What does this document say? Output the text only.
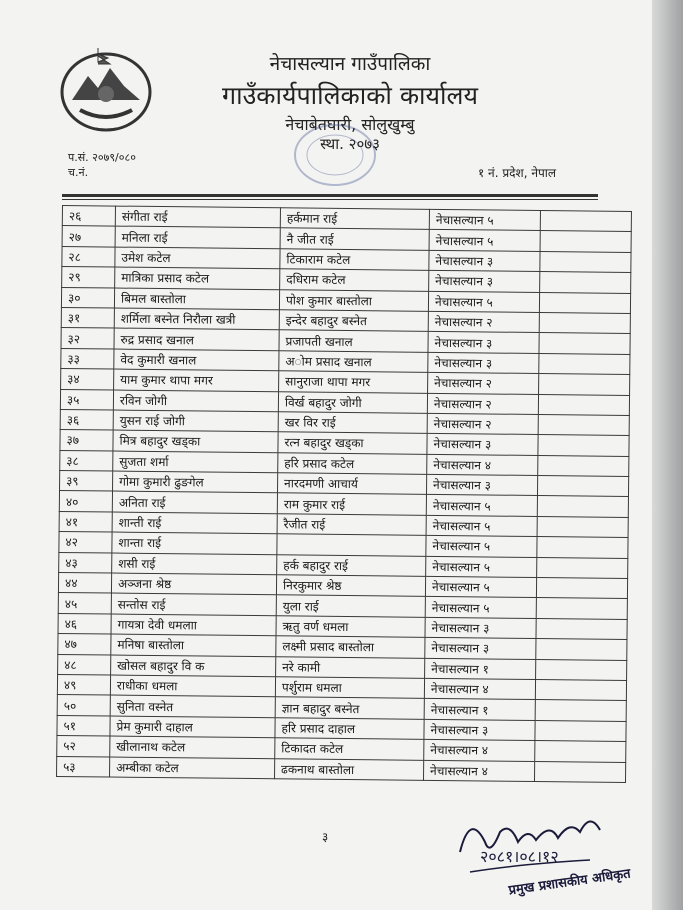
नेचासल्यान गाउँपालिका
गाउँकार्यपालिकाको कार्यालय
नेचाबेतघारी, सोलुखुम्बु
स्था. २०७३
प.सं. २०७९/०८०
च.नं.	१ नं. प्रदेश, नेपाल
२६	संगीता राई	हर्कमान राई	नेचासल्यान ५	
२७	मनिला राई	नै जीत राई	नेचासल्यान ५	
२८	उमेश कटेल	टिकाराम कटेल	नेचासल्यान ३	
२९	मात्रिका प्रसाद कटेल	दधिराम कटेल	नेचासल्यान ३	
३०	बिमल बास्तोला	पोश कुमार बास्तोला	नेचासल्यान ५	
३१	शर्मिला बस्नेत निरौला खत्री	इन्देर बहादुर बस्नेत	नेचासल्यान २	
३२	रुद्र प्रसाद खनाल	प्रजापती खनाल	नेचासल्यान ३	
३३	वेद कुमारी खनाल	अोम प्रसाद खनाल	नेचासल्यान ३	
३४	याम कुमार थापा मगर	सानुराजा थापा मगर	नेचासल्यान २	
३५	रविन जोगी	विर्ख बहादुर जोगी	नेचासल्यान २	
३६	युसन राई जोगी	खर विर राई	नेचासल्यान २	
३७	मित्र बहादुर खड्का	रत्न बहादुर खड्का	नेचासल्यान ३	
३८	सुजता शर्मा	हरि प्रसाद कटेल	नेचासल्यान ४	
३९	गोमा कुमारी ढुङगेल	नारदमणी आचार्य	नेचासल्यान ३	
४०	अनिता राई	राम कुमार राई	नेचासल्यान ५	
४१	शान्ती राई	रैजीत राई	नेचासल्यान ५	
४२	शान्ता राई		नेचासल्यान ५	
४३	शसी राई	हर्क बहादुर राई	नेचासल्यान ५	
४४	अञ्जना श्रेष्ठ	निरकुमार श्रेष्ठ	नेचासल्यान ५	
४५	सन्तोस राई	युला राई	नेचासल्यान ५	
४६	गायत्रा देवी धमलाा	ऋतु वर्ण धमला	नेचासल्यान ३	
४७	मनिषा बास्तोला	लक्ष्मी प्रसाद बास्तोला	नेचासल्यान ३	
४८	खोसल बहादुर वि क	नरे कामी	नेचासल्यान १	
४९	राधीका धमला	पर्शुराम धमला	नेचासल्यान ४	
५०	सुनिता वस्नेत	ज्ञान बहादुर बस्नेत	नेचासल्यान १	
५१	प्रेम कुमारी दाहाल	हरि प्रसाद दाहाल	नेचासल्यान ३	
५२	खीलानाथ कटेल	टिकादत कटेल	नेचासल्यान ४	
५३	अम्बीका कटेल	ढकनाथ बास्तोला	नेचासल्यान ४	
३
२०८१।०८।१२
प्रमुख प्रशासकीय अधिकृत
